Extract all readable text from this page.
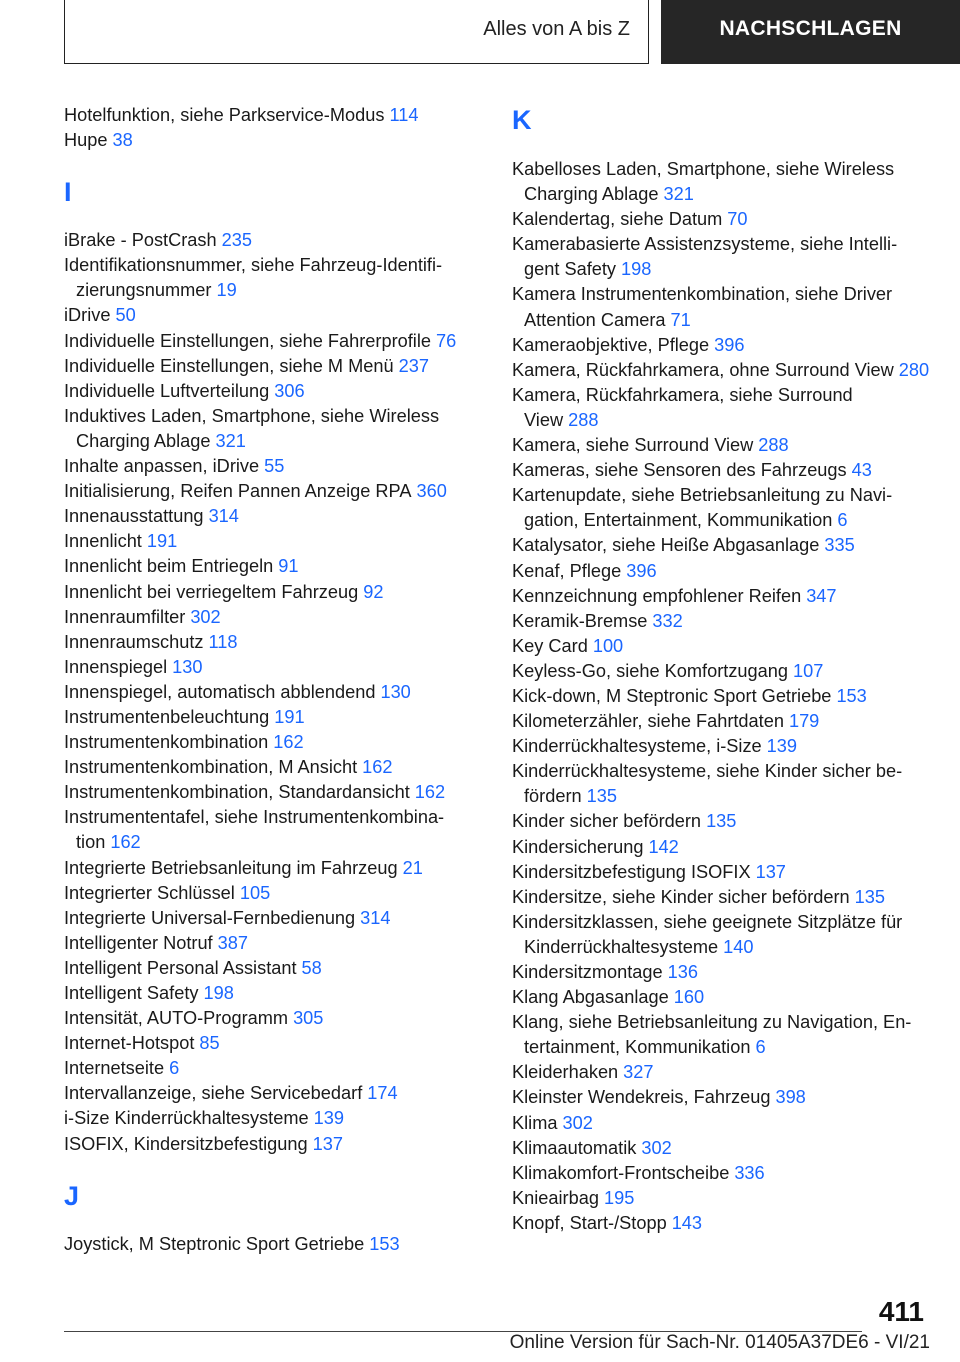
Alles von A bis Z	NACHSCHLAGEN
Hotelfunktion, siehe Parkservice-Modus 114
Hupe 38
I
iBrake - PostCrash 235
Identifikationsnummer, siehe Fahrzeug-Identifi-zierungsnummer 19
iDrive 50
Individuelle Einstellungen, siehe Fahrerprofile 76
Individuelle Einstellungen, siehe M Menü 237
Individuelle Luftverteilung 306
Induktives Laden, Smartphone, siehe Wireless Charging Ablage 321
Inhalte anpassen, iDrive 55
Initialisierung, Reifen Pannen Anzeige RPA 360
Innenausstattung 314
Innenlicht 191
Innenlicht beim Entriegeln 91
Innenlicht bei verriegeltem Fahrzeug 92
Innenraumfilter 302
Innenraumschutz 118
Innenspiegel 130
Innenspiegel, automatisch abblendend 130
Instrumentenbeleuchtung 191
Instrumentenkombination 162
Instrumentenkombination, M Ansicht 162
Instrumentenkombination, Standardansicht 162
Instrumententafel, siehe Instrumentenkombina-tion 162
Integrierte Betriebsanleitung im Fahrzeug 21
Integrierter Schlüssel 105
Integrierte Universal-Fernbedienung 314
Intelligenter Notruf 387
Intelligent Personal Assistant 58
Intelligent Safety 198
Intensität, AUTO-Programm 305
Internet-Hotspot 85
Internetseite 6
Intervallanzeige, siehe Servicebedarf 174
i-Size Kinderrückhaltesysteme 139
ISOFIX, Kindersitzbefestigung 137
J
Joystick, M Steptronic Sport Getriebe 153
K
Kabelloses Laden, Smartphone, siehe Wireless Charging Ablage 321
Kalendertag, siehe Datum 70
Kamerabasierte Assistenzsysteme, siehe Intelli-gent Safety 198
Kamera Instrumentenkombination, siehe Driver Attention Camera 71
Kameraobjektive, Pflege 396
Kamera, Rückfahrkamera, ohne Surround View 280
Kamera, Rückfahrkamera, siehe Surround View 288
Kamera, siehe Surround View 288
Kameras, siehe Sensoren des Fahrzeugs 43
Kartenupdate, siehe Betriebsanleitung zu Navi-gation, Entertainment, Kommunikation 6
Katalysator, siehe Heiße Abgasanlage 335
Kenaf, Pflege 396
Kennzeichnung empfohlener Reifen 347
Keramik-Bremse 332
Key Card 100
Keyless-Go, siehe Komfortzugang 107
Kick-down, M Steptronic Sport Getriebe 153
Kilometerzähler, siehe Fahrtdaten 179
Kinderrückhaltesysteme, i-Size 139
Kinderrückhaltesysteme, siehe Kinder sicher be-fördern 135
Kinder sicher befördern 135
Kindersicherung 142
Kindersitzbefestigung ISOFIX 137
Kindersitze, siehe Kinder sicher befördern 135
Kindersitzklassen, siehe geeignete Sitzplätze für Kinderrückhaltesysteme 140
Kindersitzmontage 136
Klang Abgasanlage 160
Klang, siehe Betriebsanleitung zu Navigation, En-tertainment, Kommunikation 6
Kleiderhaken 327
Kleinster Wendekreis, Fahrzeug 398
Klima 302
Klimaautomatik 302
Klimakomfort-Frontscheibe 336
Knieairbag 195
Knopf, Start-/Stopp 143
411
Online Version für Sach-Nr. 01405A37DE6 - VI/21
